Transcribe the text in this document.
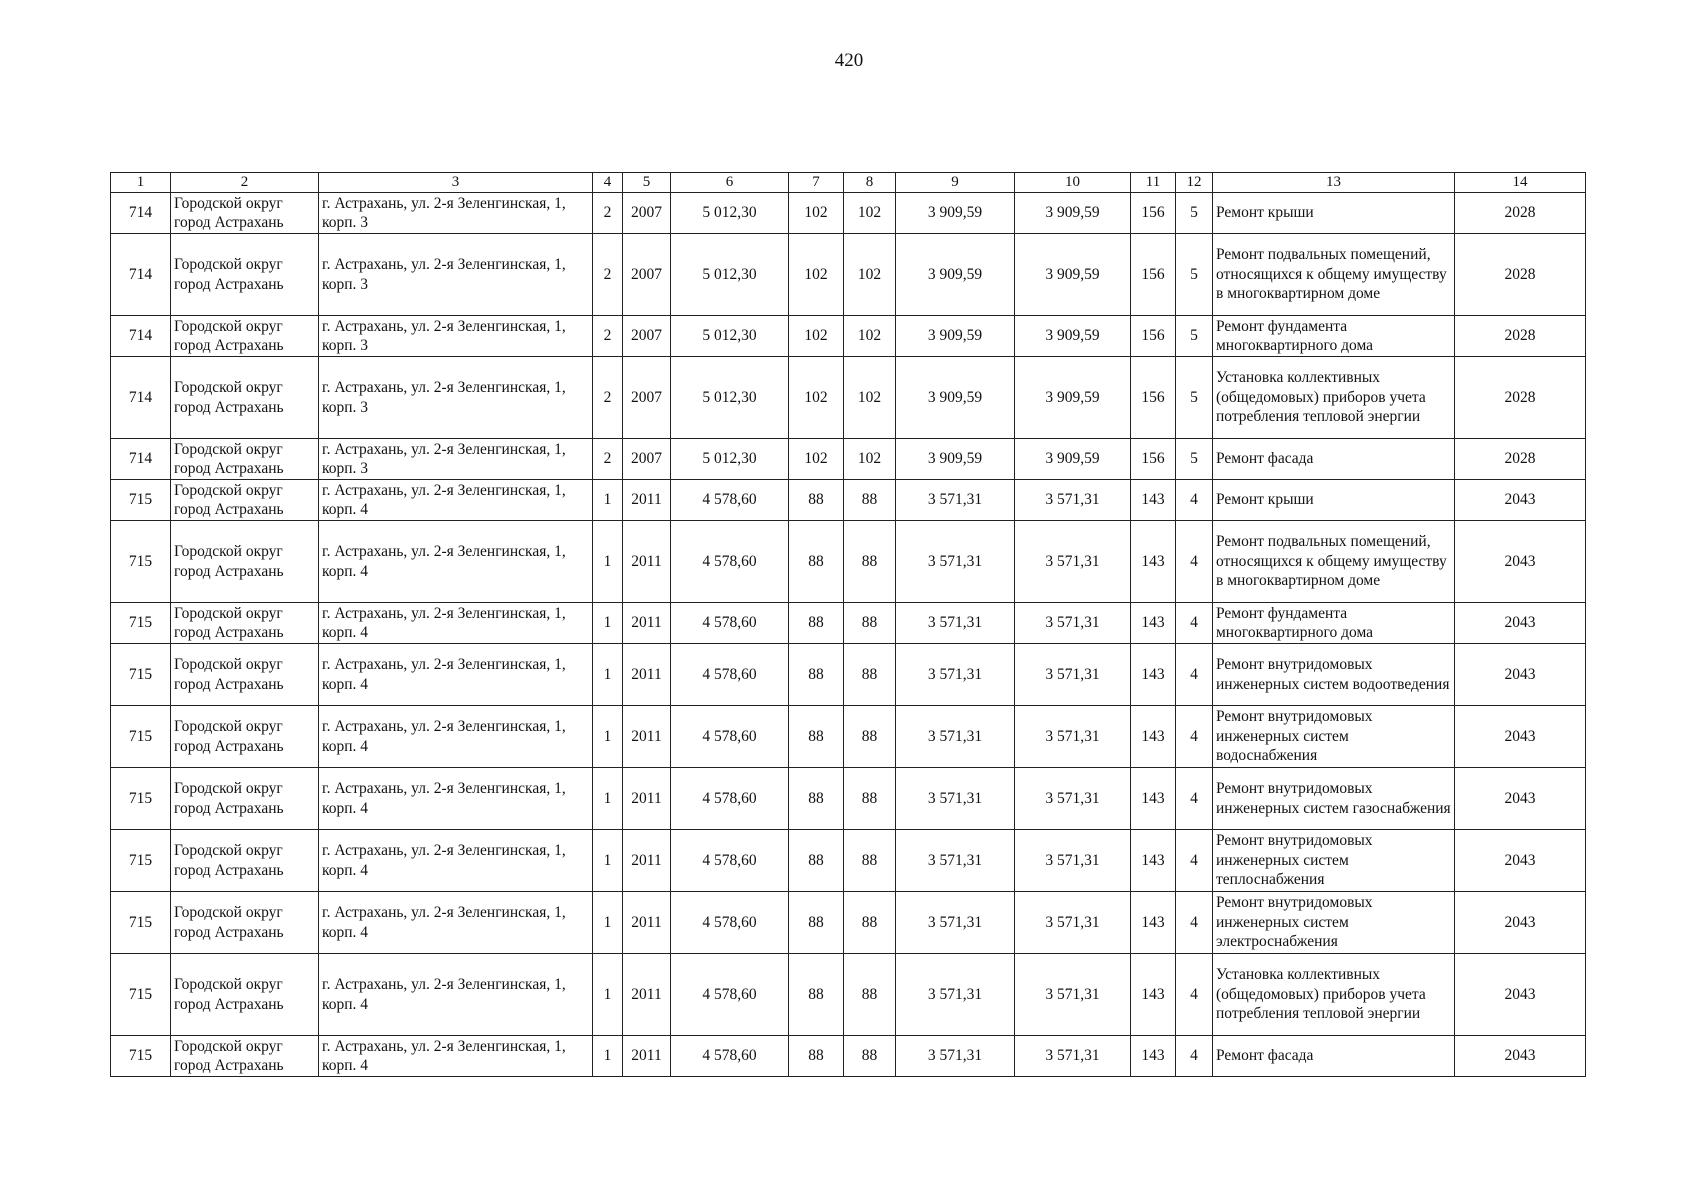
420
1	2	3	4	5	6	7	8	9	10	11	12	13	14
714	Городской округ город Астрахань	г. Астрахань, ул. 2-я Зеленгинская, 1, корп. 3	2	2007	5 012,30	102	102	3 909,59	3 909,59	156	5	Ремонт крыши	2028
714	Городской округ город Астрахань	г. Астрахань, ул. 2-я Зеленгинская, 1, корп. 3	2	2007	5 012,30	102	102	3 909,59	3 909,59	156	5	Ремонт подвальных помещений, относящихся к общему имуществу в многоквартирном доме	2028
714	Городской округ город Астрахань	г. Астрахань, ул. 2-я Зеленгинская, 1, корп. 3	2	2007	5 012,30	102	102	3 909,59	3 909,59	156	5	Ремонт фундамента многоквартирного дома	2028
714	Городской округ город Астрахань	г. Астрахань, ул. 2-я Зеленгинская, 1, корп. 3	2	2007	5 012,30	102	102	3 909,59	3 909,59	156	5	Установка коллективных (общедомовых) приборов учета потребления тепловой энергии	2028
714	Городской округ город Астрахань	г. Астрахань, ул. 2-я Зеленгинская, 1, корп. 3	2	2007	5 012,30	102	102	3 909,59	3 909,59	156	5	Ремонт фасада	2028
715	Городской округ город Астрахань	г. Астрахань, ул. 2-я Зеленгинская, 1, корп. 4	1	2011	4 578,60	88	88	3 571,31	3 571,31	143	4	Ремонт крыши	2043
715	Городской округ город Астрахань	г. Астрахань, ул. 2-я Зеленгинская, 1, корп. 4	1	2011	4 578,60	88	88	3 571,31	3 571,31	143	4	Ремонт подвальных помещений, относящихся к общему имуществу в многоквартирном доме	2043
715	Городской округ город Астрахань	г. Астрахань, ул. 2-я Зеленгинская, 1, корп. 4	1	2011	4 578,60	88	88	3 571,31	3 571,31	143	4	Ремонт фундамента многоквартирного дома	2043
715	Городской округ город Астрахань	г. Астрахань, ул. 2-я Зеленгинская, 1, корп. 4	1	2011	4 578,60	88	88	3 571,31	3 571,31	143	4	Ремонт внутридомовых инженерных систем водоотведения	2043
715	Городской округ город Астрахань	г. Астрахань, ул. 2-я Зеленгинская, 1, корп. 4	1	2011	4 578,60	88	88	3 571,31	3 571,31	143	4	Ремонт внутридомовых инженерных систем водоснабжения	2043
715	Городской округ город Астрахань	г. Астрахань, ул. 2-я Зеленгинская, 1, корп. 4	1	2011	4 578,60	88	88	3 571,31	3 571,31	143	4	Ремонт внутридомовых инженерных систем газоснабжения	2043
715	Городской округ город Астрахань	г. Астрахань, ул. 2-я Зеленгинская, 1, корп. 4	1	2011	4 578,60	88	88	3 571,31	3 571,31	143	4	Ремонт внутридомовых инженерных систем теплоснабжения	2043
715	Городской округ город Астрахань	г. Астрахань, ул. 2-я Зеленгинская, 1, корп. 4	1	2011	4 578,60	88	88	3 571,31	3 571,31	143	4	Ремонт внутридомовых инженерных систем электроснабжения	2043
715	Городской округ город Астрахань	г. Астрахань, ул. 2-я Зеленгинская, 1, корп. 4	1	2011	4 578,60	88	88	3 571,31	3 571,31	143	4	Установка коллективных (общедомовых) приборов учета потребления тепловой энергии	2043
715	Городской округ город Астрахань	г. Астрахань, ул. 2-я Зеленгинская, 1, корп. 4	1	2011	4 578,60	88	88	3 571,31	3 571,31	143	4	Ремонт фасада	2043
